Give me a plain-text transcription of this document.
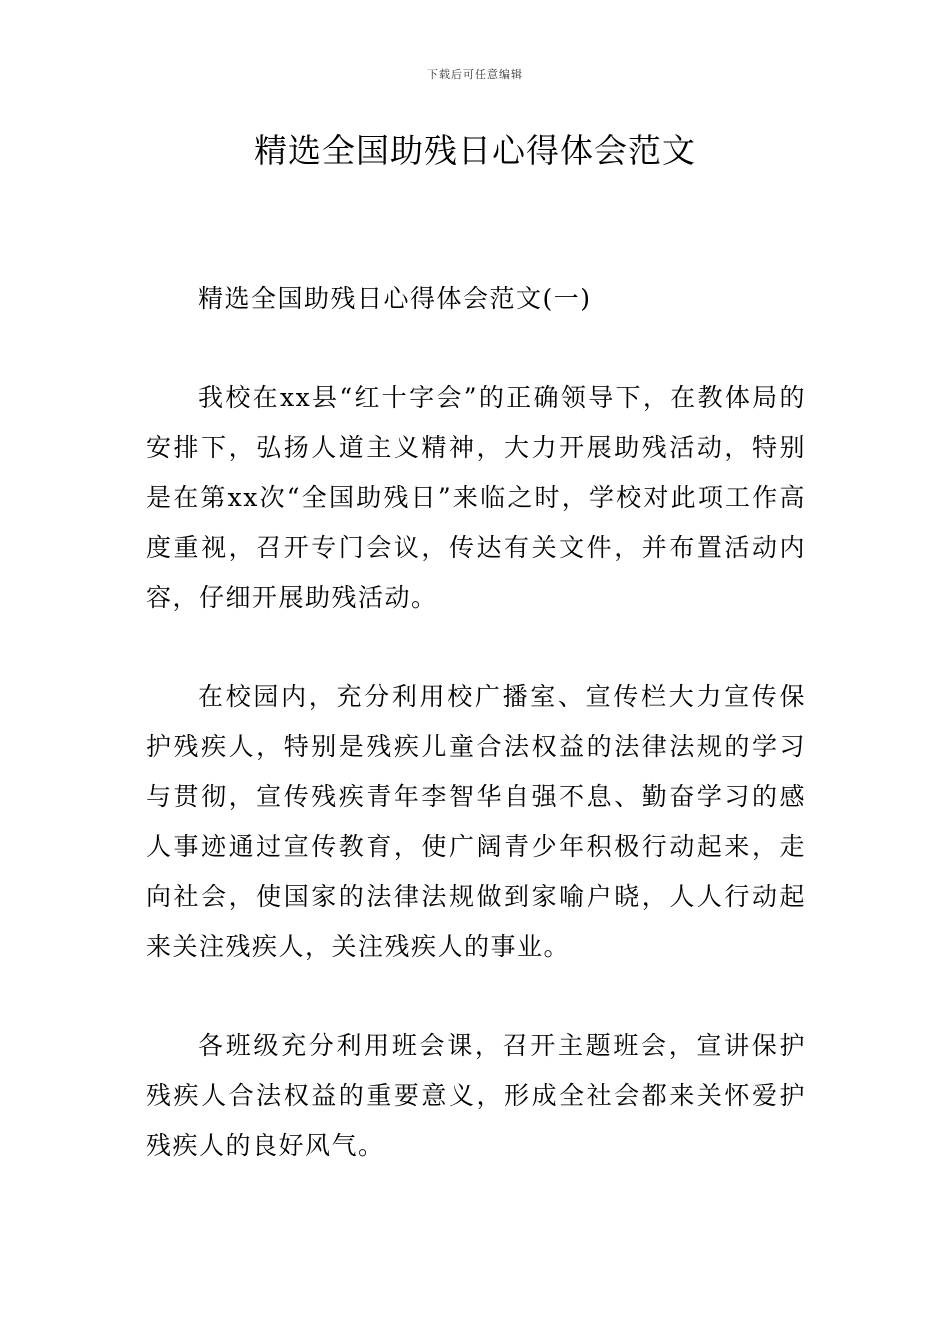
下载后可任意编辑
精选全国助残日心得体会范文

精选全国助残日心得体会范文(一)

我校在xx县“红十字会”的正确领导下，在教体局的安排下，弘扬人道主义精神，大力开展助残活动，特别是在第xx次“全国助残日”来临之时，学校对此项工作高度重视，召开专门会议，传达有关文件，并布置活动内容，仔细开展助残活动。

在校园内，充分利用校广播室、宣传栏大力宣传保护残疾人，特别是残疾儿童合法权益的法律法规的学习与贯彻，宣传残疾青年李智华自强不息、勤奋学习的感人事迹通过宣传教育，使广阔青少年积极行动起来，走向社会，使国家的法律法规做到家喻户晓，人人行动起来关注残疾人，关注残疾人的事业。

各班级充分利用班会课，召开主题班会，宣讲保护残疾人合法权益的重要意义，形成全社会都来关怀爱护残疾人的良好风气。
